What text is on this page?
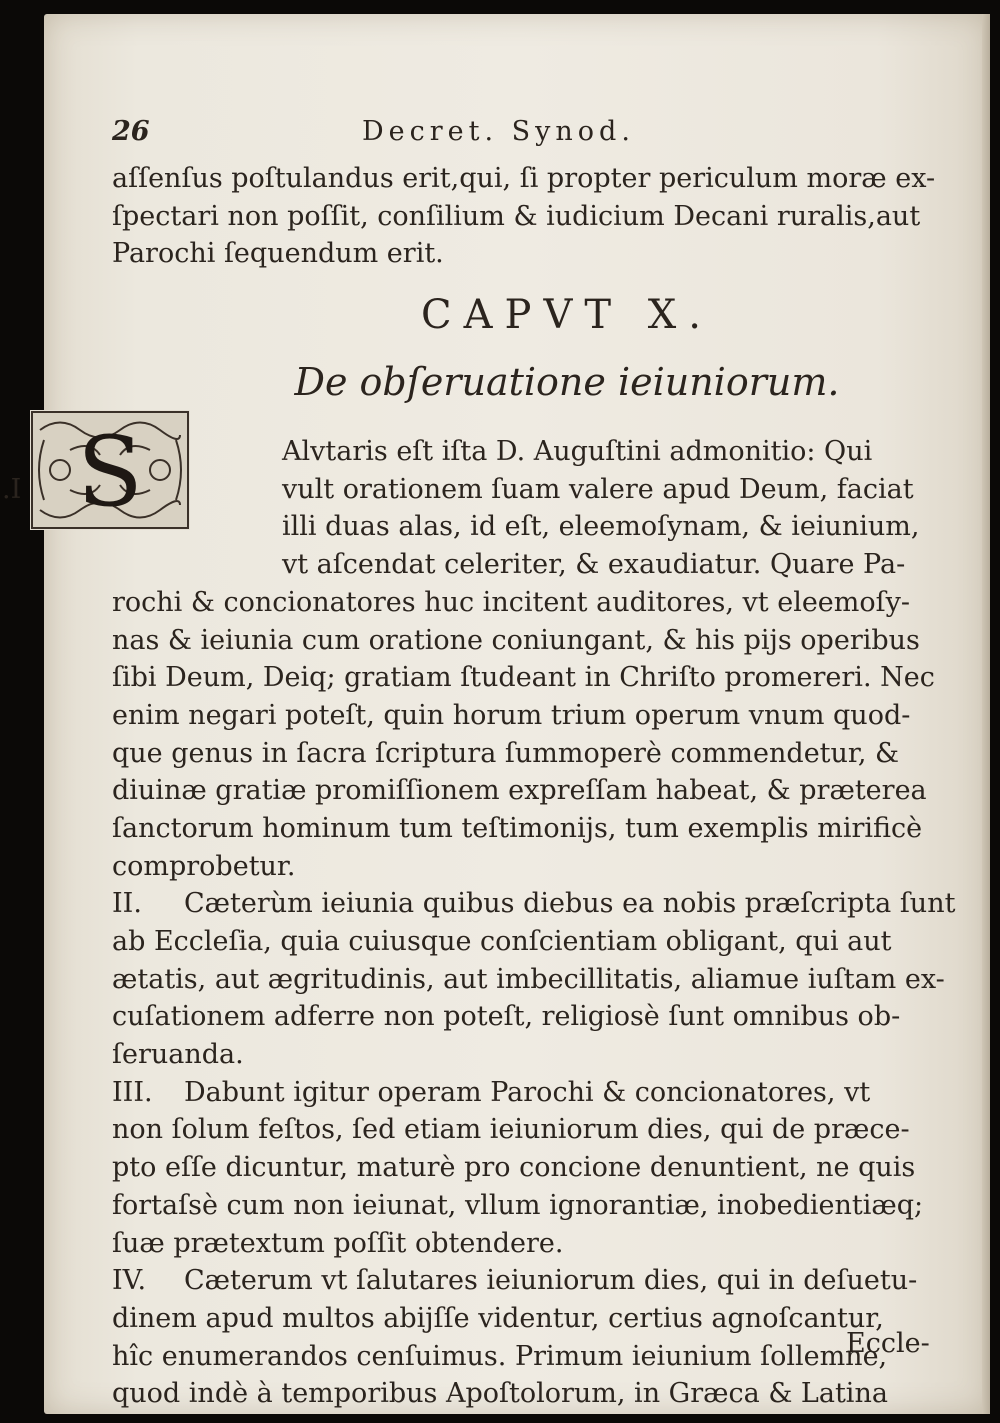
26	Decret. Synod.
S
aſſenſus poſtulandus erit,qui, ſi propter periculum moræ ex-
ſpectari non poſſit, conſilium & iudicium Decani ruralis,aut
Parochi ſequendum erit.
CAPVT X.
De obſeruatione ieiuniorum.
Alvtaris eſt iſta D. Auguſtini admonitio: Qui
.I	vult orationem ſuam valere apud Deum, faciat
illi duas alas, id eſt, eleemoſynam, & ieiunium,
vt aſcendat celeriter, & exaudiatur. Quare Pa-
rochi & concionatores huc incitent auditores, vt eleemoſy-
nas & ieiunia cum oratione coniungant, & his pijs operibus
ſibi Deum, Deiq; gratiam ſtudeant in Chriſto promereri. Nec
enim negari poteſt, quin horum trium operum vnum quod-
que genus in ſacra ſcriptura ſummoperè commendetur, &
diuinæ gratiæ promiſſionem expreſſam habeat, & præterea
ſanctorum hominum tum teſtimonijs, tum exemplis mirificè
comprobetur.
II. Cæterùm ieiunia quibus diebus ea nobis præſcripta ſunt
ab Eccleſia, quia cuiusque conſcientiam obligant, qui aut
ætatis, aut ægritudinis, aut imbecillitatis, aliamue iuſtam ex-
cuſationem adferre non poteſt, religiosè ſunt omnibus ob-
ſeruanda.
III. Dabunt igitur operam Parochi & concionatores, vt
non ſolum feſtos, ſed etiam ieiuniorum dies, qui de præce-
pto eſſe dicuntur, maturè pro concione denuntient, ne quis
fortaſsè cum non ieiunat, vllum ignorantiæ, inobedientiæq;
ſuæ prætextum poſſit obtendere.
IV. Cæterum vt ſalutares ieiuniorum dies, qui in deſuetu-
dinem apud multos abijſſe videntur, certius agnoſcantur,
hîc enumerandos cenſuimus. Primum ieiunium ſollemne,
quod indè à temporibus Apoſtolorum, in Græca & Latina
Eccle-
